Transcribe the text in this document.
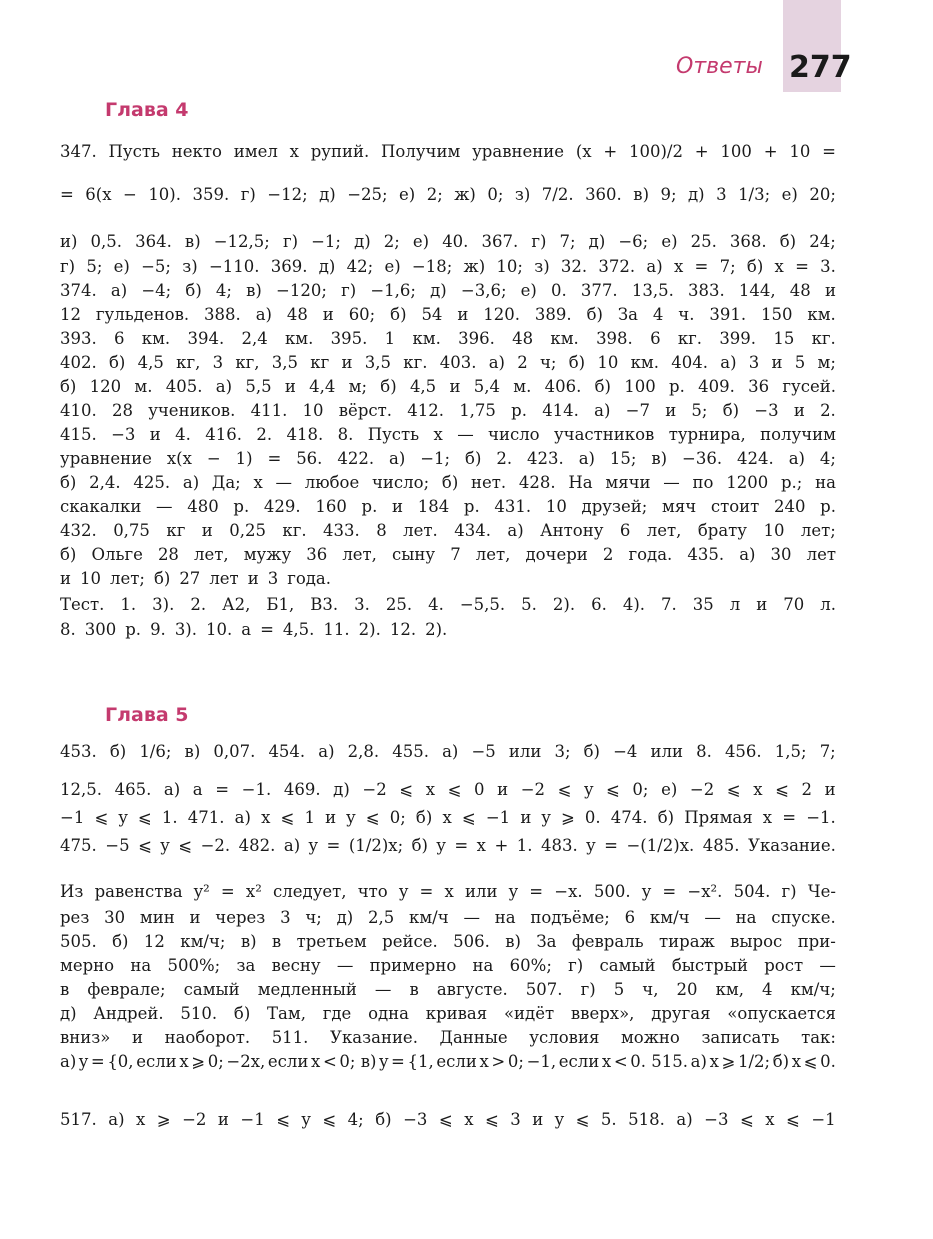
Ответы 277
Глава 4
347. Пусть некто имел x рупий. Получим уравнение (x + 100)/2 + 100 + 10 =
= 6(x − 10). 359. г) −12; д) −25; е) 2; ж) 0; з) 7/2. 360. в) 9; д) 3 1/3; е) 20;
и) 0,5. 364. в) −12,5; г) −1; д) 2; е) 40. 367. г) 7; д) −6; е) 25. 368. б) 24;
г) 5; е) −5; з) −110. 369. д) 42; е) −18; ж) 10; з) 32. 372. а) x = 7; б) x = 3.
374. а) −4; б) 4; в) −120; г) −1,6; д) −3,6; е) 0. 377. 13,5. 383. 144, 48 и
12 гульденов. 388. а) 48 и 60; б) 54 и 120. 389. б) За 4 ч. 391. 150 км.
393. 6 км. 394. 2,4 км. 395. 1 км. 396. 48 км. 398. 6 кг. 399. 15 кг.
402. б) 4,5 кг, 3 кг, 3,5 кг и 3,5 кг. 403. а) 2 ч; б) 10 км. 404. а) 3 и 5 м;
б) 120 м. 405. а) 5,5 и 4,4 м; б) 4,5 и 5,4 м. 406. б) 100 р. 409. 36 гусей.
410. 28 учеников. 411. 10 вёрст. 412. 1,75 р. 414. а) −7 и 5; б) −3 и 2.
415. −3 и 4. 416. 2. 418. 8. Пусть x — число участников турнира, получим
уравнение x(x − 1) = 56. 422. а) −1; б) 2. 423. а) 15; в) −36. 424. а) 4;
б) 2,4. 425. а) Да; x — любое число; б) нет. 428. На мячи — по 1200 р.; на
скакалки — 480 р. 429. 160 р. и 184 р. 431. 10 друзей; мяч стоит 240 р.
432. 0,75 кг и 0,25 кг. 433. 8 лет. 434. а) Антону 6 лет, брату 10 лет;
б) Ольге 28 лет, мужу 36 лет, сыну 7 лет, дочери 2 года. 435. а) 30 лет
и 10 лет; б) 27 лет и 3 года.
Тест. 1. 3). 2. А2, Б1, В3. 3. 25. 4. −5,5. 5. 2). 6. 4). 7. 35 л и 70 л.
8. 300 р. 9. 3). 10. a = 4,5. 11. 2). 12. 2).
Глава 5
453. б) 1/6; в) 0,07. 454. а) 2,8. 455. а) −5 или 3; б) −4 или 8. 456. 1,5; 7;
12,5. 465. а) a = −1. 469. д) −2 ⩽ x ⩽ 0 и −2 ⩽ y ⩽ 0; е) −2 ⩽ x ⩽ 2 и
−1 ⩽ y ⩽ 1. 471. а) x ⩽ 1 и y ⩽ 0; б) x ⩽ −1 и y ⩾ 0. 474. б) Прямая x = −1.
475. −5 ⩽ y ⩽ −2. 482. а) y = (1/2)x; б) y = x + 1. 483. y = −(1/2)x. 485. Указание.
Из равенства y² = x² следует, что y = x или y = −x. 500. y = −x². 504. г) Че-
рез 30 мин и через 3 ч; д) 2,5 км/ч — на подъёме; 6 км/ч — на спуске.
505. б) 12 км/ч; в) в третьем рейсе. 506. в) За февраль тираж вырос при-
мерно на 500%; за весну — примерно на 60%; г) самый быстрый рост —
в феврале; самый медленный — в августе. 507. г) 5 ч, 20 км, 4 км/ч;
д) Андрей. 510. б) Там, где одна кривая «идёт вверх», другая «опускается
вниз» и наоборот. 511. Указание. Данные условия можно записать так:
а) y = {0, если x ⩾ 0; −2x, если x < 0; в) y = {1, если x > 0; −1, если x < 0. 515. а) x ⩾ 1/2; б) x ⩽ 0.
517. а) x ⩾ −2 и −1 ⩽ y ⩽ 4; б) −3 ⩽ x ⩽ 3 и y ⩽ 5. 518. а) −3 ⩽ x ⩽ −1
